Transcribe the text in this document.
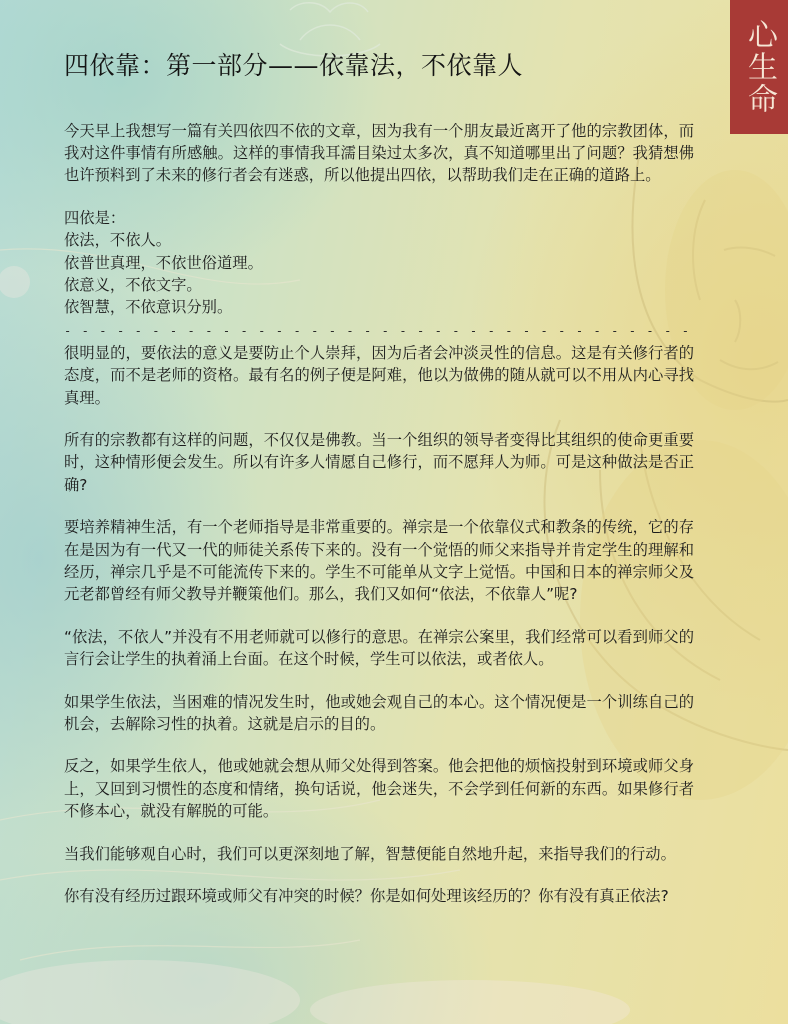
心生命
四依靠：第一部分——依靠法，不依靠人

今天早上我想写一篇有关四依四不依的文章，因为我有一个朋友最近离开了他的宗教团体，而我对这件事情有所感触。这样的事情我耳濡目染过太多次，真不知道哪里出了问题？我猜想佛也许预料到了未来的修行者会有迷惑，所以他提出四依，以帮助我们走在正确的道路上。

四依是：

依法，不依人。

依普世真理，不依世俗道理。

依意义，不依文字。

依智慧，不依意识分别。

- - - - - - - - - - - - - - - - - - - - - - - - - - - - - - - - - - - -

很明显的，要依法的意义是要防止个人崇拜，因为后者会冲淡灵性的信息。这是有关修行者的态度，而不是老师的资格。最有名的例子便是阿难，他以为做佛的随从就可以不用从内心寻找真理。

所有的宗教都有这样的问题，不仅仅是佛教。当一个组织的领导者变得比其组织的使命更重要时，这种情形便会发生。所以有许多人情愿自己修行，而不愿拜人为师。可是这种做法是否正确?

要培养精神生活，有一个老师指导是非常重要的。禅宗是一个依靠仪式和教条的传统，它的存在是因为有一代又一代的师徒关系传下来的。没有一个觉悟的师父来指导并肯定学生的理解和经历，禅宗几乎是不可能流传下来的。学生不可能单从文字上觉悟。中国和日本的禅宗师父及元老都曾经有师父教导并鞭策他们。那么，我们又如何“依法，不依靠人”呢?

“依法，不依人”并没有不用老师就可以修行的意思。在禅宗公案里，我们经常可以看到师父的言行会让学生的执着涌上台面。在这个时候，学生可以依法，或者依人。

如果学生依法，当困难的情况发生时，他或她会观自己的本心。这个情况便是一个训练自己的机会，去解除习性的执着。这就是启示的目的。

反之，如果学生依人，他或她就会想从师父处得到答案。他会把他的烦恼投射到环境或师父身上，又回到习惯性的态度和情绪，换句话说，他会迷失，不会学到任何新的东西。如果修行者不修本心，就没有解脱的可能。

当我们能够观自心时，我们可以更深刻地了解，智慧便能自然地升起，来指导我们的行动。

你有没有经历过跟环境或师父有冲突的时候？你是如何处理该经历的？你有没有真正依法?
